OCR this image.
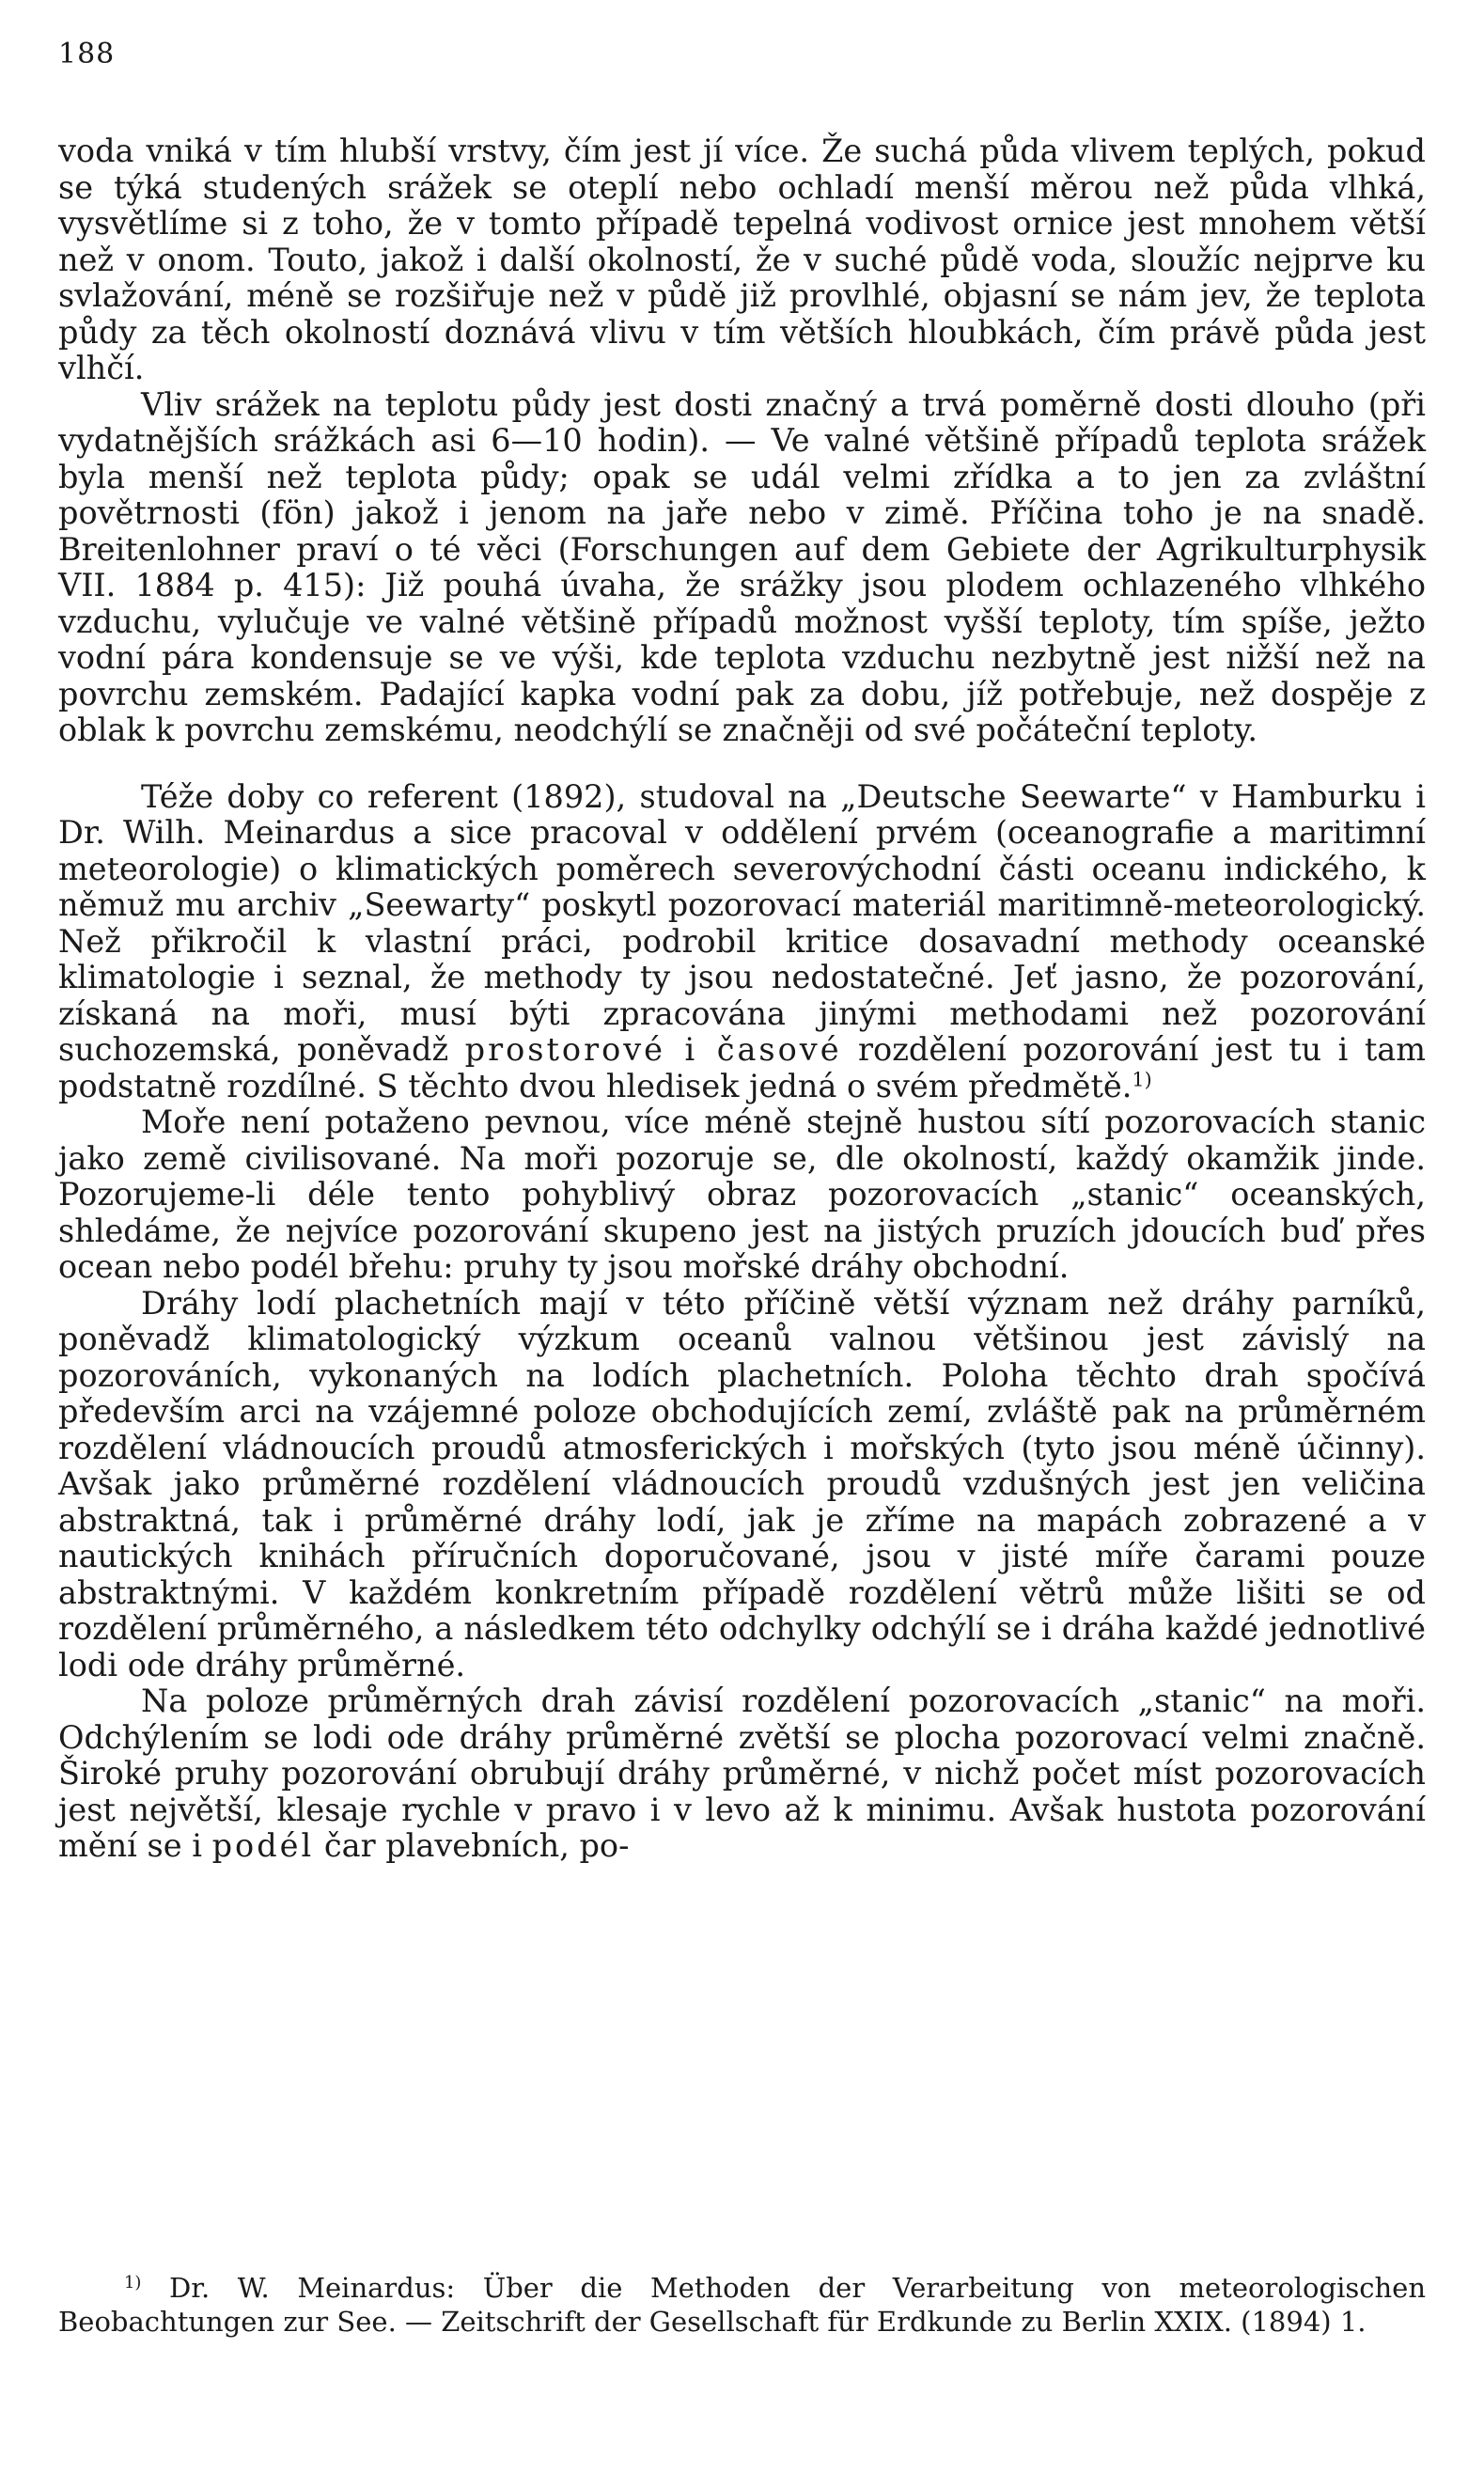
188

voda vniká v tím hlubší vrstvy, čím jest jí více. Že suchá půda vlivem teplých, pokud se týká studených srážek se oteplí nebo ochladí menší měrou než půda vlhká, vysvětlíme si z toho, že v tomto případě tepelná vodivost ornice jest mnohem větší než v onom. Touto, jakož i další okolností, že v suché půdě voda, sloužíc nejprve ku svlažování, méně se rozšiřuje než v půdě již provlhlé, objasní se nám jev, že teplota půdy za těch okolností doznává vlivu v tím větších hloubkách, čím právě půda jest vlhčí.

Vliv srážek na teplotu půdy jest dosti značný a trvá poměrně dosti dlouho (při vydatnějších srážkách asi 6—10 hodin). — Ve valné většině případů teplota srážek byla menší než teplota půdy; opak se udál velmi zřídka a to jen za zvláštní povětrnosti (fön) jakož i jenom na jaře nebo v zimě. Příčina toho je na snadě. Breitenlohner praví o té věci (Forschungen auf dem Gebiete der Agrikulturphysik VII. 1884 p. 415): Již pouhá úvaha, že srážky jsou plodem ochlazeného vlhkého vzduchu, vylučuje ve valné většině případů možnost vyšší teploty, tím spíše, ježto vodní pára kondensuje se ve výši, kde teplota vzduchu nezbytně jest nižší než na povrchu zemském. Padající kapka vodní pak za dobu, jíž potřebuje, než dospěje z oblak k povrchu zemskému, neodchýlí se značněji od své počáteční teploty.

Téže doby co referent (1892), studoval na „Deutsche Seewarte“ v Hamburku i Dr. Wilh. Meinardus a sice pracoval v oddělení prvém (oceanografie a maritimní meteorologie) o klimatických poměrech severovýchodní části oceanu indického, k němuž mu archiv „Seewarty“ poskytl pozorovací materiál maritimně-meteorologický. Než přikročil k vlastní práci, podrobil kritice dosavadní methody oceanské klimatologie i seznal, že methody ty jsou nedostatečné. Jeť jasno, že pozorování, získaná na moři, musí býti zpracována jinými methodami než pozorování suchozemská, poněvadž prostorové i časové rozdělení pozorování jest tu i tam podstatně rozdílné. S těchto dvou hledisek jedná o svém předmětě.$^{1)}$

Moře není potaženo pevnou, více méně stejně hustou sítí pozorovacích stanic jako země civilisované. Na moři pozoruje se, dle okolností, každý okamžik jinde. Pozorujeme-li déle tento pohyblivý obraz pozorovacích „stanic“ oceanských, shledáme, že nejvíce pozorování skupeno jest na jistých pruzích jdoucích buď přes ocean nebo podél břehu: pruhy ty jsou mořské dráhy obchodní.

Dráhy lodí plachetních mají v této příčině větší význam než dráhy parníků, poněvadž klimatologický výzkum oceanů valnou většinou jest závislý na pozorováních, vykonaných na lodích plachetních. Poloha těchto drah spočívá především arci na vzájemné poloze obchodujících zemí, zvláště pak na průměrném rozdělení vládnoucích proudů atmosferických i mořských (tyto jsou méně účinny). Avšak jako průměrné rozdělení vládnoucích proudů vzdušných jest jen veličina abstraktná, tak i průměrné dráhy lodí, jak je zříme na mapách zobrazené a v nautických knihách příručních doporučované, jsou v jisté míře čarami pouze abstraktnými. V každém konkretním případě rozdělení větrů může lišiti se od rozdělení průměrného, a následkem této odchylky odchýlí se i dráha každé jednotlivé lodi ode dráhy průměrné.

Na poloze průměrných drah závisí rozdělení pozorovacích „stanic“ na moři. Odchýlením se lodi ode dráhy průměrné zvětší se plocha pozorovací velmi značně. Široké pruhy pozorování obrubují dráhy průměrné, v nichž počet míst pozorovacích jest největší, klesaje rychle v pravo i v levo až k minimu. Avšak hustota pozorování mění se i podél čar plavebních, po-

$^{1)}$ Dr. W. Meinardus: Über die Methoden der Verarbeitung von meteorologischen Beobachtungen zur See. — Zeitschrift der Gesellschaft für Erdkunde zu Berlin XXIX. (1894) 1.
